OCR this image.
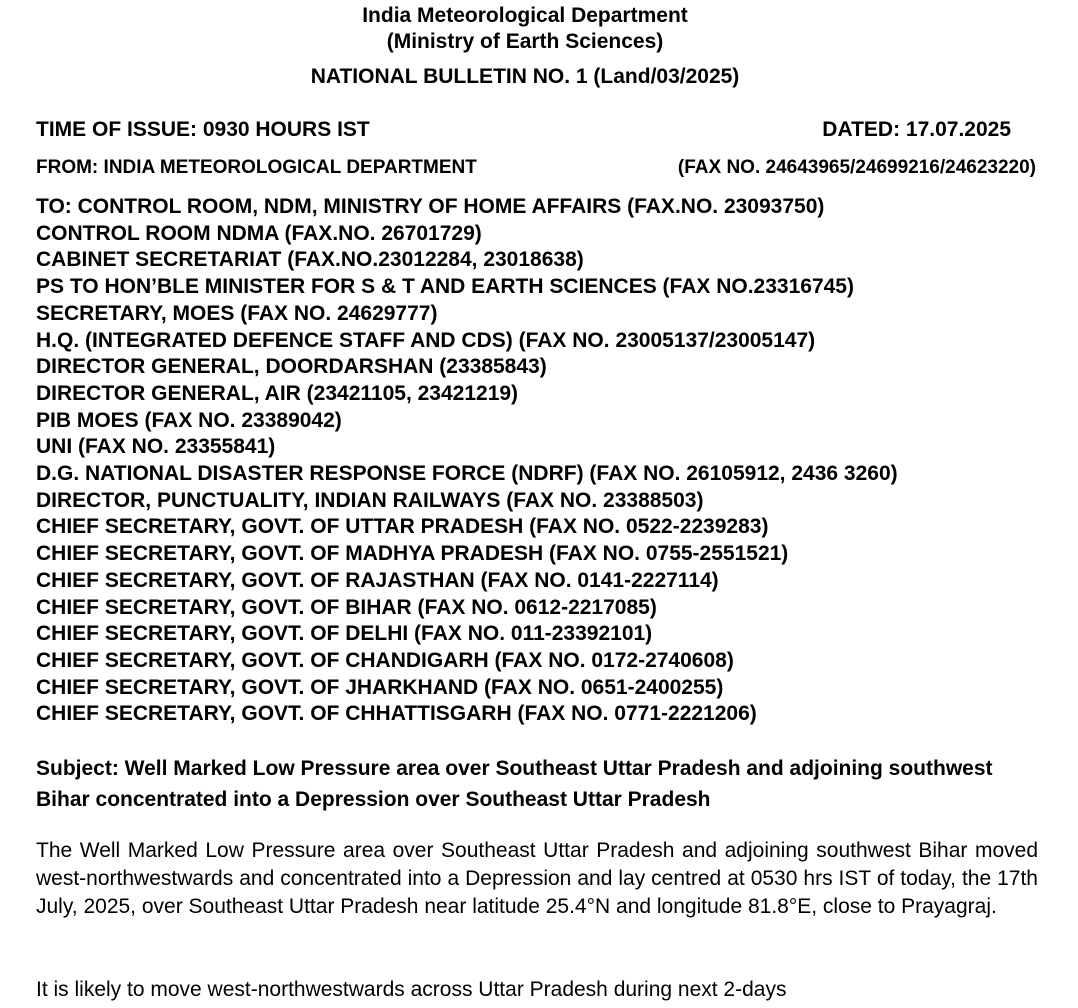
India Meteorological Department
(Ministry of Earth Sciences)
NATIONAL BULLETIN NO. 1 (Land/03/2025)
TIME OF ISSUE: 0930 HOURS IST	DATED: 17.07.2025
FROM: INDIA METEOROLOGICAL DEPARTMENT	(FAX NO. 24643965/24699216/24623220)
TO: CONTROL ROOM, NDM, MINISTRY OF HOME AFFAIRS (FAX.NO. 23093750)
CONTROL ROOM NDMA (FAX.NO. 26701729)
CABINET SECRETARIAT (FAX.NO.23012284, 23018638)
PS TO HON’BLE MINISTER FOR S & T AND EARTH SCIENCES (FAX NO.23316745)
SECRETARY, MOES (FAX NO. 24629777)
H.Q. (INTEGRATED DEFENCE STAFF AND CDS) (FAX NO. 23005137/23005147)
DIRECTOR GENERAL, DOORDARSHAN (23385843)
DIRECTOR GENERAL, AIR (23421105, 23421219)
PIB MOES (FAX NO. 23389042)
UNI (FAX NO. 23355841)
D.G. NATIONAL DISASTER RESPONSE FORCE (NDRF) (FAX NO. 26105912, 2436 3260)
DIRECTOR, PUNCTUALITY, INDIAN RAILWAYS (FAX NO. 23388503)
CHIEF SECRETARY, GOVT. OF UTTAR PRADESH (FAX NO. 0522-2239283)
CHIEF SECRETARY, GOVT. OF MADHYA PRADESH (FAX NO. 0755-2551521)
CHIEF SECRETARY, GOVT. OF RAJASTHAN (FAX NO. 0141-2227114)
CHIEF SECRETARY, GOVT. OF BIHAR (FAX NO. 0612-2217085)
CHIEF SECRETARY, GOVT. OF DELHI (FAX NO. 011-23392101)
CHIEF SECRETARY, GOVT. OF CHANDIGARH (FAX NO. 0172-2740608)
CHIEF SECRETARY, GOVT. OF JHARKHAND (FAX NO. 0651-2400255)
CHIEF SECRETARY, GOVT. OF CHHATTISGARH (FAX NO. 0771-2221206)
Subject: Well Marked Low Pressure area over Southeast Uttar Pradesh and adjoining southwest Bihar concentrated into a Depression over Southeast Uttar Pradesh

The Well Marked Low Pressure area over Southeast Uttar Pradesh and adjoining southwest Bihar moved west-northwestwards and concentrated into a Depression and lay centred at 0530 hrs IST of today, the 17th July, 2025, over Southeast Uttar Pradesh near latitude 25.4°N and longitude 81.8°E, close to Prayagraj.

It is likely to move west-northwestwards across Uttar Pradesh during next 2-days
